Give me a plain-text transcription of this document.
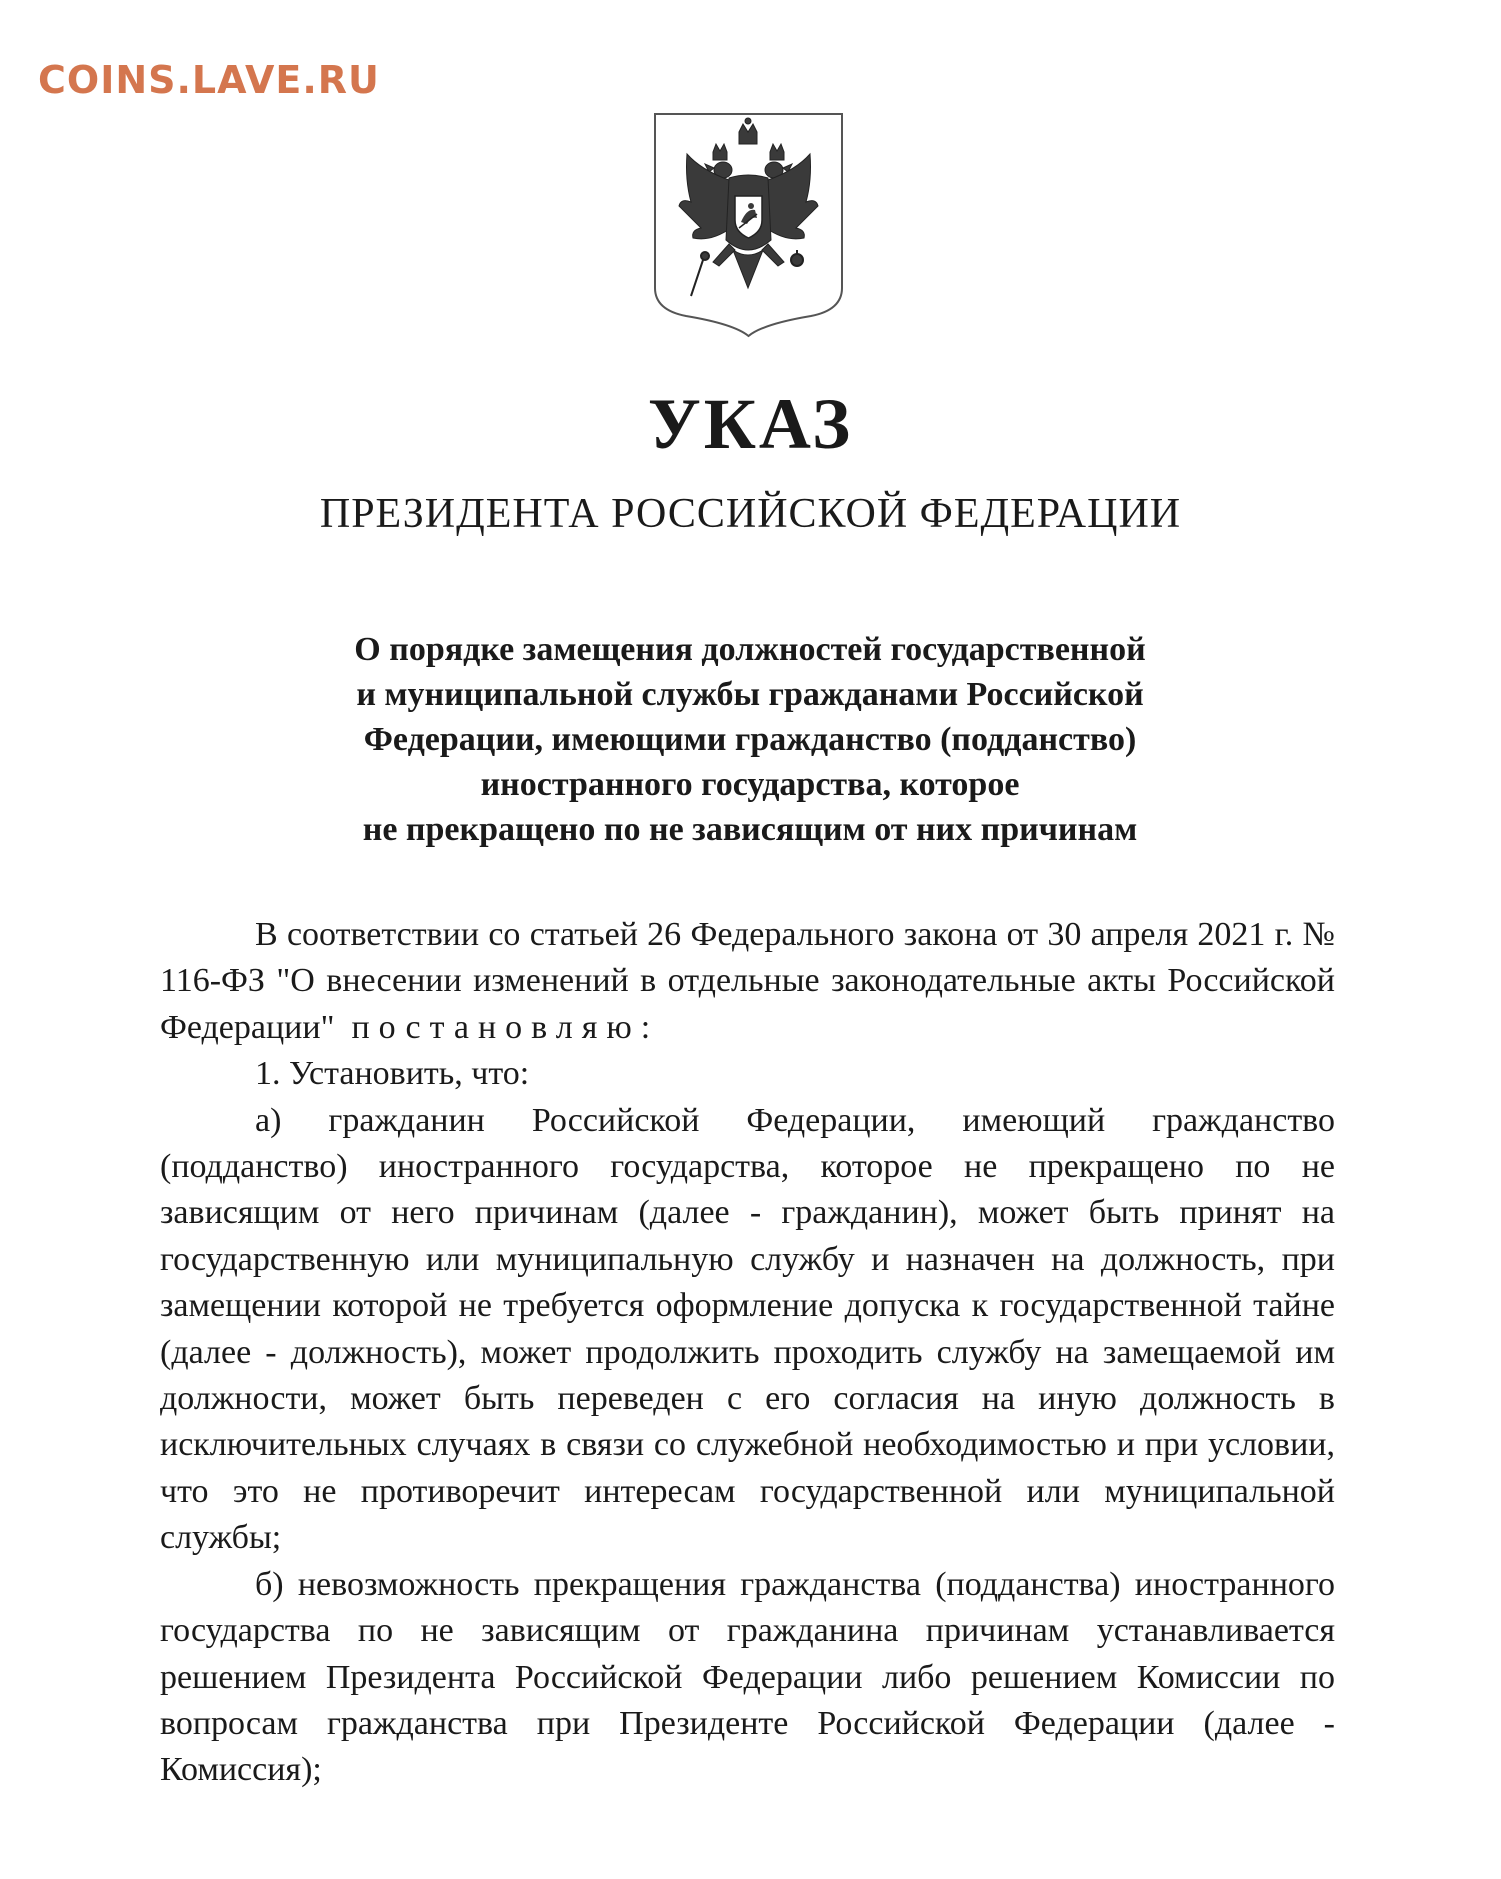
COINS.LAVE.RU
УКАЗ
ПРЕЗИДЕНТА РОССИЙСКОЙ ФЕДЕРАЦИИ
О порядке замещения должностей государственной
и муниципальной службы гражданами Российской
Федерации, имеющими гражданство (подданство)
иностранного государства, которое
не прекращено по не зависящим от них причинам

В соответствии со статьей 26 Федерального закона от 30 апреля 2021 г. № 116-ФЗ "О внесении изменений в отдельные законодательные акты Российской Федерации" постановляю:

1. Установить, что:

а) гражданин Российской Федерации, имеющий гражданство (подданство) иностранного государства, которое не прекращено по не зависящим от него причинам (далее - гражданин), может быть принят на государственную или муниципальную службу и назначен на должность, при замещении которой не требуется оформление допуска к государственной тайне (далее - должность), может продолжить проходить службу на замещаемой им должности, может быть переведен с его согласия на иную должность в исключительных случаях в связи со служебной необходимостью и при условии, что это не противоречит интересам государственной или муниципальной службы;

б) невозможность прекращения гражданства (подданства) иностранного государства по не зависящим от гражданина причинам устанавливается решением Президента Российской Федерации либо решением Комиссии по вопросам гражданства при Президенте Российской Федерации (далее - Комиссия);
